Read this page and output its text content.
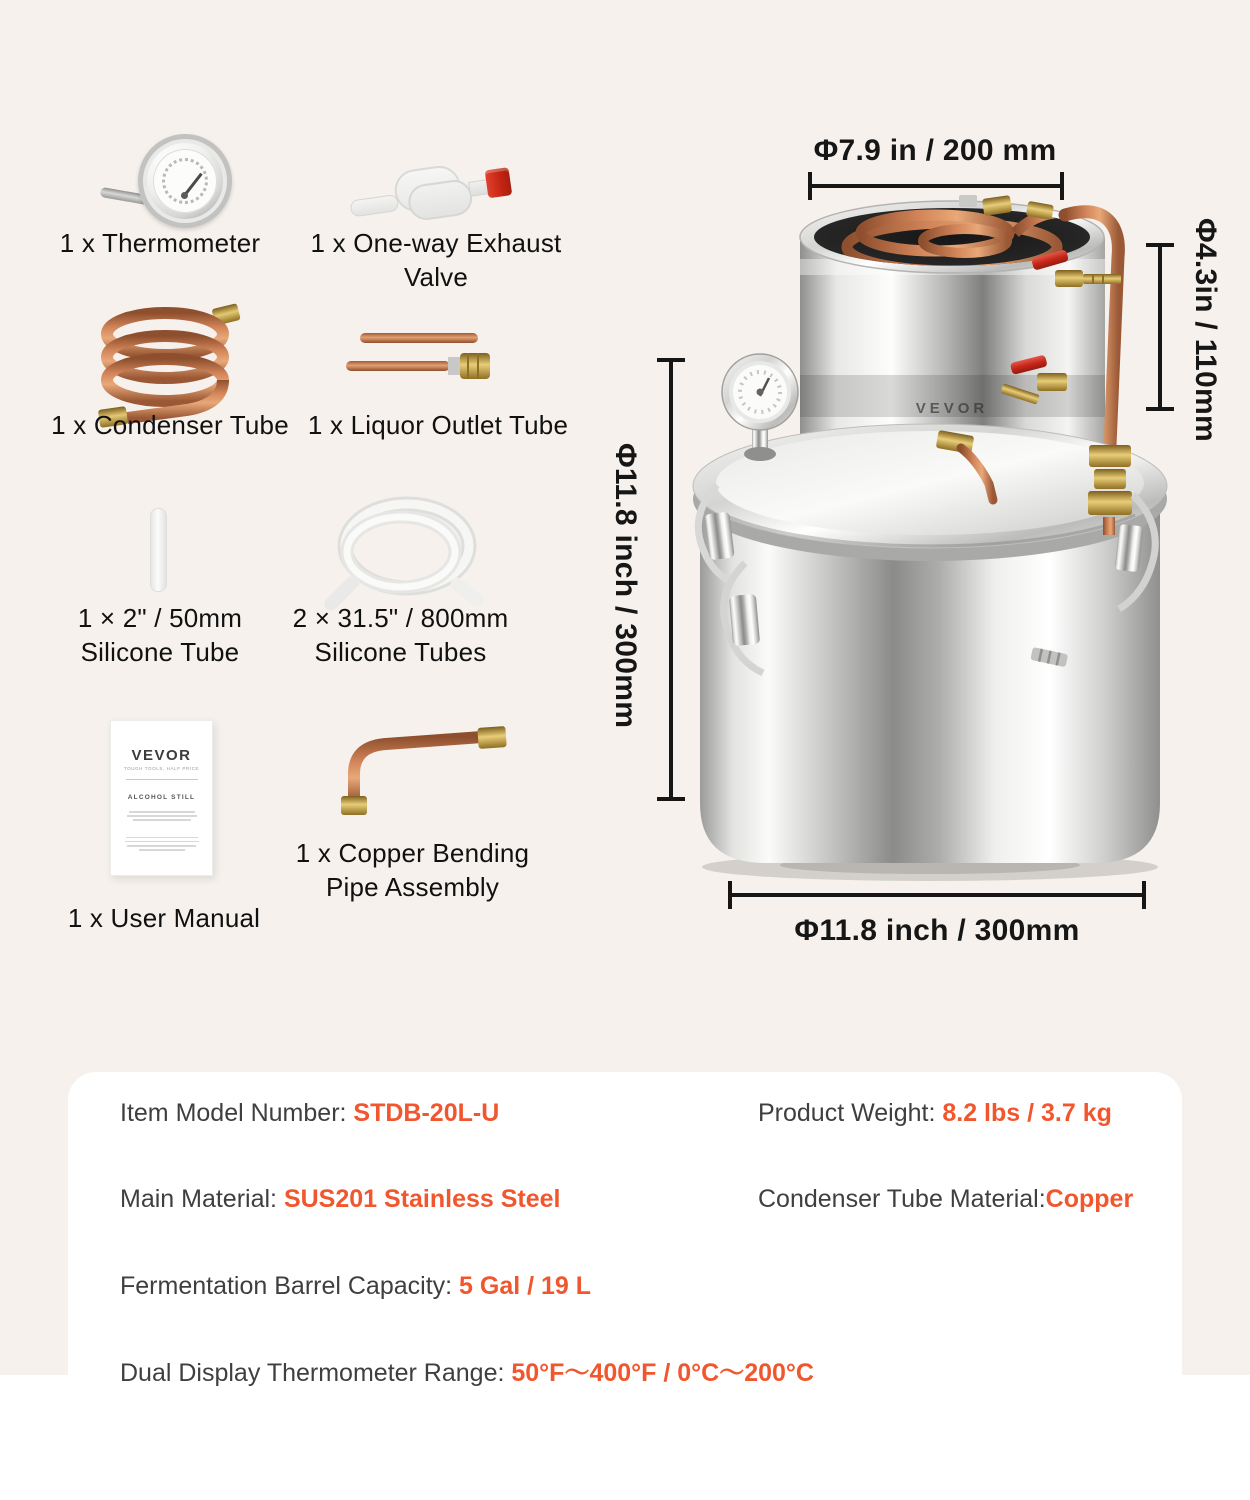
VEVOR
TOUGH TOOLS, HALF PRICE
ALCOHOL STILL
1 x Thermometer	1 x One-way Exhaust Valve
1 x Condenser Tube 1 x Liquor Outlet Tube
1 × 2" / 50mm
Silicone Tube
2 × 31.5" / 800mm
Silicone Tubes
1 x User Manual
1 x Copper Bending
Pipe Assembly
VEVOR
Φ7.9 in / 200 mm
Φ4.3in / 110mm
Φ11.8 inch / 300mm
Φ11.8 inch / 300mm
Item Model Number: STDB-20L-U	Product Weight: 8.2 lbs / 3.7 kg
Main Material: SUS201 Stainless Steel	Condenser Tube Material:Copper
Fermentation Barrel Capacity: 5 Gal / 19 L
Dual Display Thermometer Range: 50°F～400°F / 0°C～200°C
